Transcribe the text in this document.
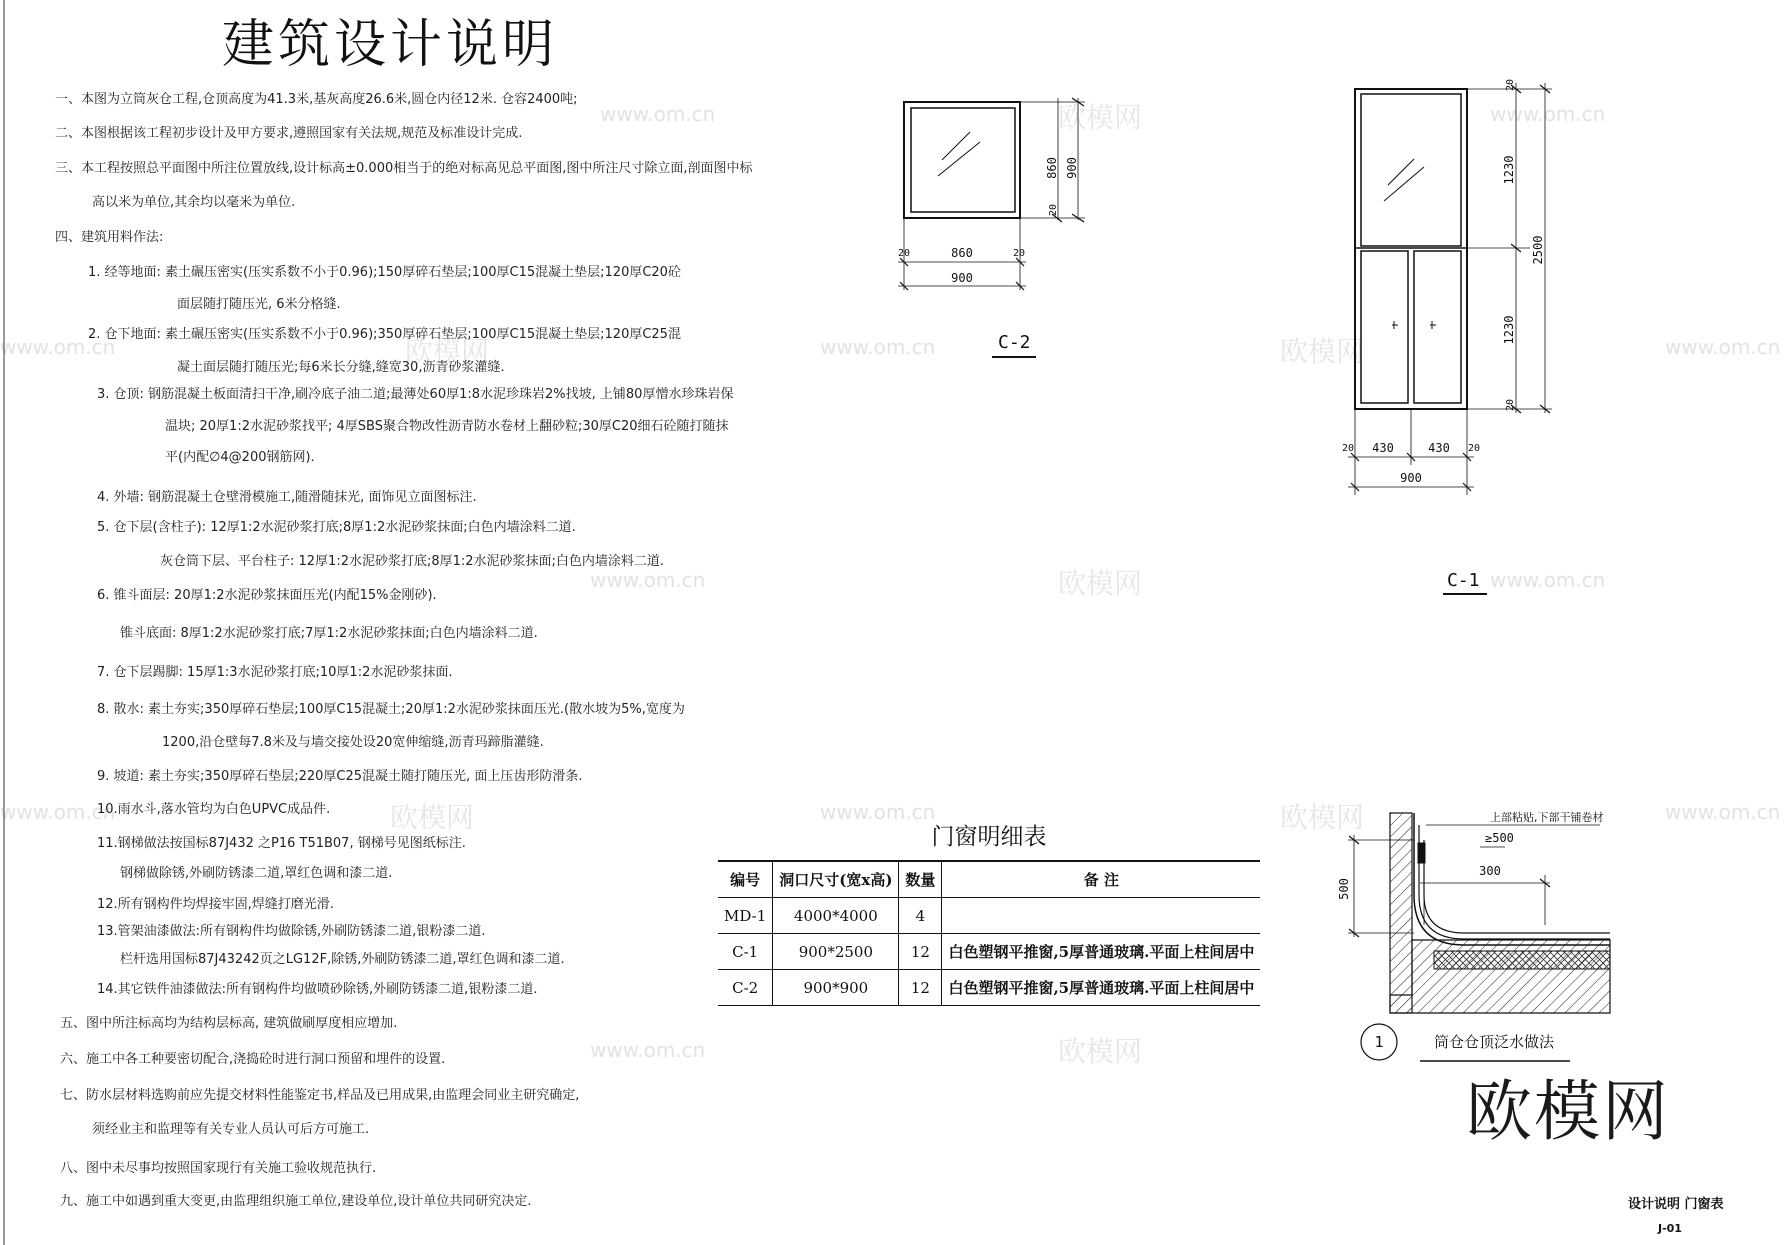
建筑设计说明
www.om.cn	欧模网	www.om.cn
www.om.cn	欧模网	www.om.cn	欧模网	www.om.cn
www.om.cn	欧模网	www.om.cn
www.om.cn	欧模网	www.om.cn	欧模网	www.om.cn
www.om.cn	欧模网
一、本图为立筒灰仓工程,仓顶高度为41.3米,基灰高度26.6米,圆仓内径12米. 仓容2400吨;
二、本图根据该工程初步设计及甲方要求,遵照国家有关法规,规范及标准设计完成.
三、本工程按照总平面图中所注位置放线,设计标高±0.000相当于的绝对标高见总平面图,图中所注尺寸除立面,剖面图中标
高以米为单位,其余均以毫米为单位.
四、建筑用料作法:
1. 经等地面: 素土碾压密实(压实系数不小于0.96);150厚碎石垫层;100厚C15混凝土垫层;120厚C20砼
面层随打随压光, 6米分格缝.
2. 仓下地面: 素土碾压密实(压实系数不小于0.96);350厚碎石垫层;100厚C15混凝土垫层;120厚C25混
凝土面层随打随压光;每6米长分缝,缝宽30,沥青砂浆灌缝.
3. 仓顶: 钢筋混凝土板面清扫干净,刷冷底子油二道;最薄处60厚1:8水泥珍珠岩2%找坡, 上铺80厚憎水珍珠岩保
温块; 20厚1:2水泥砂浆找平; 4厚SBS聚合物改性沥青防水卷材上翻砂粒;30厚C20细石砼随打随抹
平(内配∅4@200钢筋网).
4. 外墙: 钢筋混凝土仓壁滑模施工,随滑随抹光, 面饰见立面图标注.
5. 仓下层(含柱子): 12厚1:2水泥砂浆打底;8厚1:2水泥砂浆抹面;白色内墙涂料二道.
灰仓筒下层、平台柱子: 12厚1:2水泥砂浆打底;8厚1:2水泥砂浆抹面;白色内墙涂料二道.
6. 锥斗面层: 20厚1:2水泥砂浆抹面压光(内配15%金刚砂).
锥斗底面: 8厚1:2水泥砂浆打底;7厚1:2水泥砂浆抹面;白色内墙涂料二道.
7. 仓下层踢脚: 15厚1:3水泥砂浆打底;10厚1:2水泥砂浆抹面.
8. 散水: 素土夯实;350厚碎石垫层;100厚C15混凝土;20厚1:2水泥砂浆抹面压光.(散水坡为5%,宽度为
1200,沿仓壁每7.8米及与墙交接处设20宽伸缩缝,沥青玛蹄脂灌缝.
9. 坡道: 素土夯实;350厚碎石垫层;220厚C25混凝土随打随压光, 面上压齿形防滑条.
10.雨水斗,落水管均为白色UPVC成品件.
11.钢梯做法按国标87J432 之P16 T51B07, 钢梯号见图纸标注.
钢梯做除锈,外刷防锈漆二道,罩红色调和漆二道.
12.所有钢构件均焊接牢固,焊缝打磨光滑.
13.管架油漆做法:所有钢构件均做除锈,外刷防锈漆二道,银粉漆二道.
栏杆选用国标87J43242页之LG12F,除锈,外刷防锈漆二道,罩红色调和漆二道.
14.其它铁件油漆做法:所有钢构件均做喷砂除锈,外刷防锈漆二道,银粉漆二道.
五、图中所注标高均为结构层标高, 建筑做刷厚度相应增加.
六、施工中各工种要密切配合,浇捣砼时进行洞口预留和埋件的设置.
七、防水层材料选购前应先提交材料性能鉴定书,样品及已用成果,由监理会同业主研究确定,
须经业主和监理等有关专业人员认可后方可施工.
八、图中未尽事均按照国家现行有关施工验收规范执行.
九、施工中如遇到重大变更,由监理组织施工单位,建设单位,设计单位共同研究决定.
860 900
20
20	20
860
900
C-2
1230
1230
2500
20
20
20	20
430	430
900
C-1
门窗明细表
编号	洞口尺寸(宽x高)	数量	备 注
MD-1	4000*4000	4	
C-1	900*2500	12	白色塑钢平推窗,5厚普通玻璃.平面上柱间居中
C-2	900*900	12	白色塑钢平推窗,5厚普通玻璃.平面上柱间居中
上部粘贴,下部干铺卷材
≥500
300
500
1	筒仓仓顶泛水做法
欧模网
设计说明 门窗表
J-01
